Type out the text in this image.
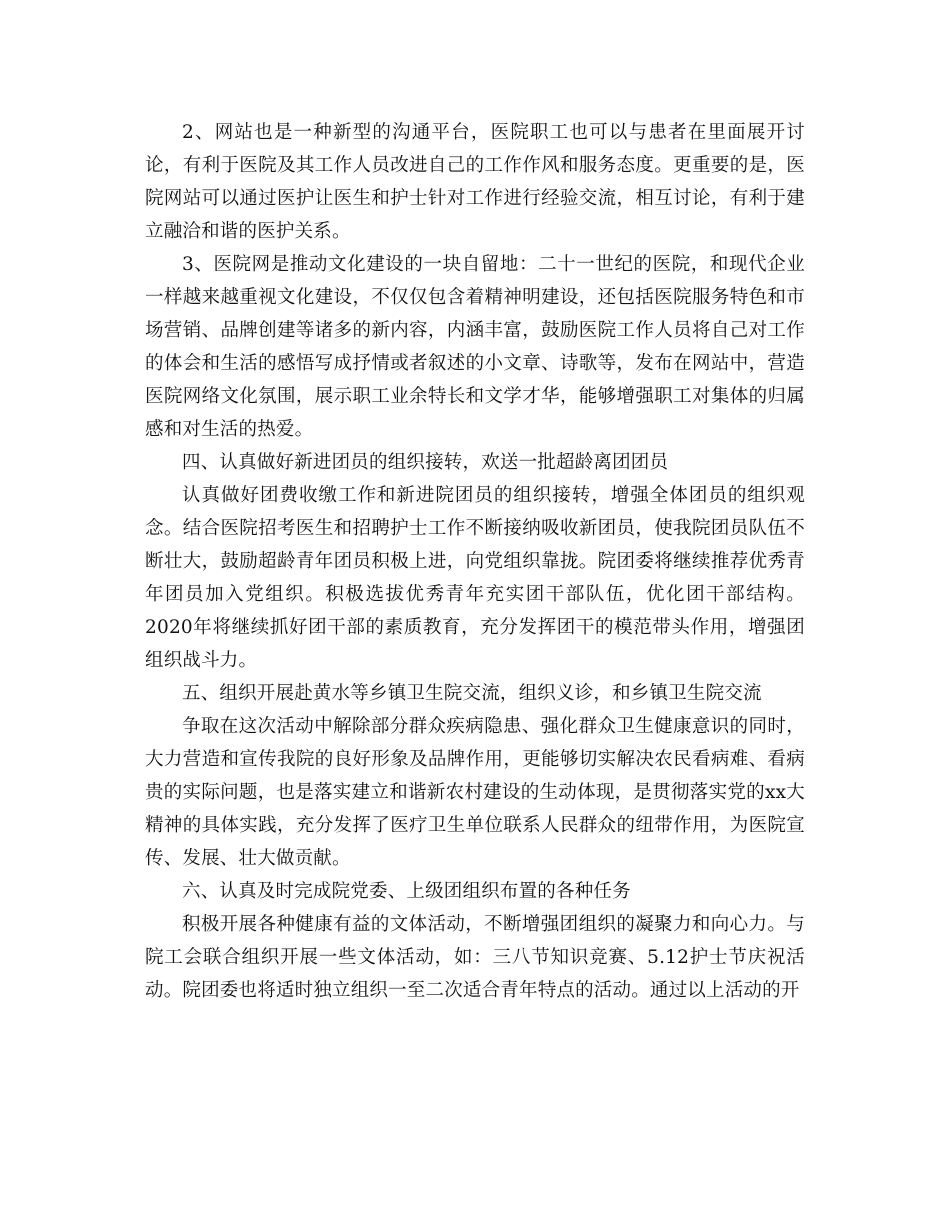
2、网站也是一种新型的沟通平台，医院职工也可以与患者在里面展开讨论，有利于医院及其工作人员改进自己的工作作风和服务态度。更重要的是，医院网站可以通过医护让医生和护士针对工作进行经验交流，相互讨论，有利于建立融洽和谐的医护关系。

3、医院网是推动文化建设的一块自留地：二十一世纪的医院，和现代企业一样越来越重视文化建设，不仅仅包含着精神明建设，还包括医院服务特色和市场营销、品牌创建等诸多的新内容，内涵丰富，鼓励医院工作人员将自己对工作的体会和生活的感悟写成抒情或者叙述的小文章、诗歌等，发布在网站中，营造医院网络文化氛围，展示职工业余特长和文学才华，能够增强职工对集体的归属感和对生活的热爱。

四、认真做好新进团员的组织接转，欢送一批超龄离团团员

认真做好团费收缴工作和新进院团员的组织接转，增强全体团员的组织观念。结合医院招考医生和招聘护士工作不断接纳吸收新团员，使我院团员队伍不断壮大，鼓励超龄青年团员积极上进，向党组织靠拢。院团委将继续推荐优秀青年团员加入党组织。积极选拔优秀青年充实团干部队伍，优化团干部结构。2020年将继续抓好团干部的素质教育，充分发挥团干的模范带头作用，增强团组织战斗力。

五、组织开展赴黄水等乡镇卫生院交流，组织义诊，和乡镇卫生院交流

争取在这次活动中解除部分群众疾病隐患、强化群众卫生健康意识的同时，大力营造和宣传我院的良好形象及品牌作用，更能够切实解决农民看病难、看病贵的实际问题，也是落实建立和谐新农村建设的生动体现，是贯彻落实党的xx大精神的具体实践，充分发挥了医疗卫生单位联系人民群众的纽带作用，为医院宣传、发展、壮大做贡献。

六、认真及时完成院党委、上级团组织布置的各种任务

积极开展各种健康有益的文体活动，不断增强团组织的凝聚力和向心力。与院工会联合组织开展一些文体活动，如：三八节知识竞赛、5.12护士节庆祝活动。院团委也将适时独立组织一至二次适合青年特点的活动。通过以上活动的开
